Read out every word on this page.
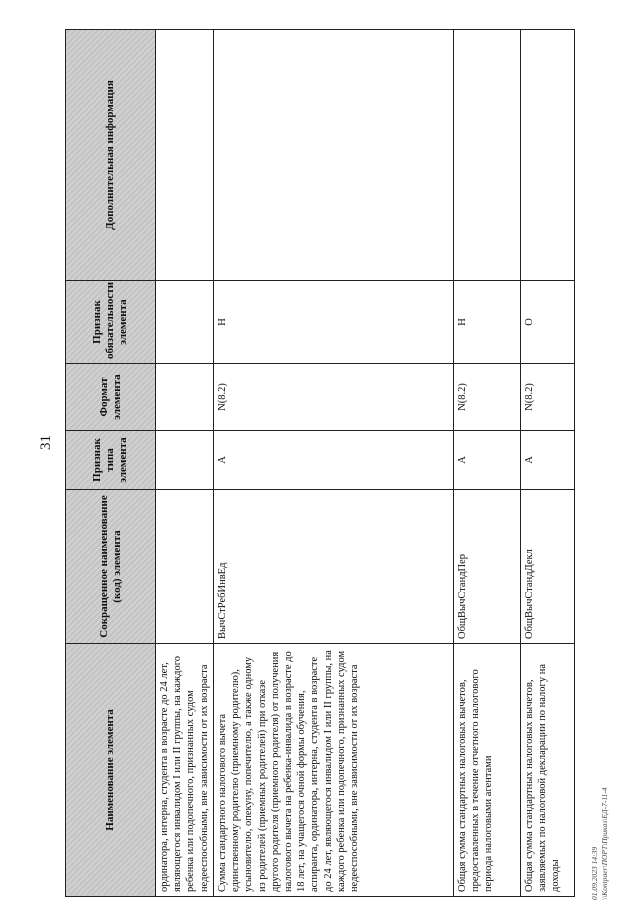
31
Наименование элемента	Сокращенное наименование (код) элемента	Признак типа элемента	Формат элемента	Признак обязательности элемента	Дополнительная информация
ординатора, интерна, студента в возрасте до 24 лет, являющегося инвалидом I или II группы, на каждого ребенка или подопечного, признанных судом недееспособными, вне зависимости от их возраста					
Сумма стандартного налогового вычета единственному родителю (приемному родителю), усыновителю, опекуну, попечителю, а также одному из родителей (приемных родителей) при отказе другого родителя (приемного родителя) от получения налогового вычета на ребенка-инвалида в возрасте до 18 лет, на учащегося очной формы обучения, аспиранта, ординатора, интерна, студента в возрасте до 24 лет, являющегося инвалидом I или II группы, на каждого ребенка или подопечного, признанных судом недееспособными, вне зависимости от их возраста	ВычСтРебИнвЕд	А	N(8.2)	Н	
Общая сумма стандартных налоговых вычетов, предоставленных в течение отчетного налогового периода налоговыми агентами	ОбщВычСтандПер	А	N(8.2)	Н	
Общая сумма стандартных налоговых вычетов, заявляемых по налоговой декларации по налогу на доходы	ОбщВычСтандДекл	А	N(8.2)	О	
01.09.2023 14:39 \\Kontpaer\ПОРТ\Приказ\ЕД-7-11-4
